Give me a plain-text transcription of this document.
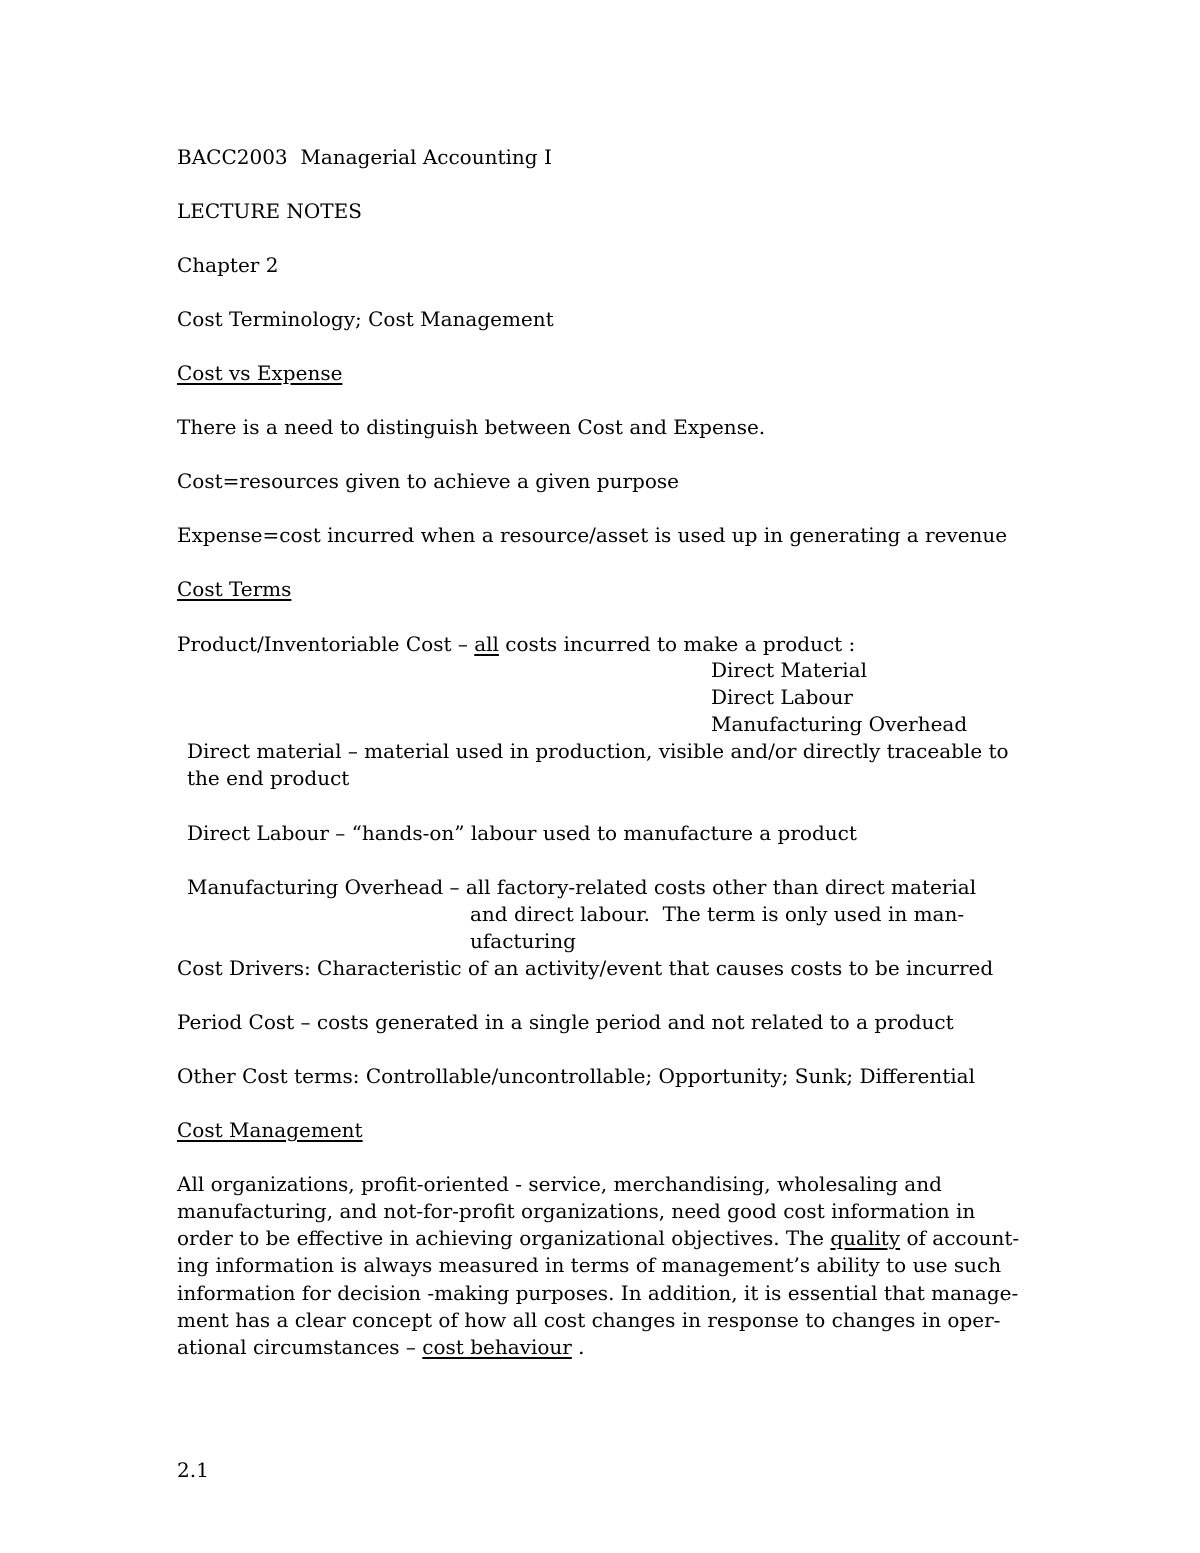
BACC2003  Managerial Accounting I

LECTURE NOTES

Chapter 2

Cost Terminology; Cost Management

Cost vs Expense

There is a need to distinguish between Cost and Expense.

Cost=resources given to achieve a given purpose

Expense=cost incurred when a resource/asset is used up in generating a revenue

Cost Terms

Product/Inventoriable Cost – all costs incurred to make a product :

Direct Material

Direct Labour

Manufacturing Overhead

Direct material – material used in production, visible and/or directly traceable to

the end product

Direct Labour – “hands-on” labour used to manufacture a product

Manufacturing Overhead – all factory-related costs other than direct material

and direct labour.  The term is only used in man-

ufacturing

Cost Drivers: Characteristic of an activity/event that causes costs to be incurred

Period Cost – costs generated in a single period and not related to a product

Other Cost terms: Controllable/uncontrollable; Opportunity; Sunk; Differential

Cost Management

All organizations, profit-oriented - service, merchandising, wholesaling and

manufacturing, and not-for-profit organizations, need good cost information in

order to be effective in achieving organizational objectives. The quality of account-

ing information is always measured in terms of management’s ability to use such

information for decision -making purposes. In addition, it is essential that manage-

ment has a clear concept of how all cost changes in response to changes in oper-

ational circumstances – cost behaviour .

2.1
